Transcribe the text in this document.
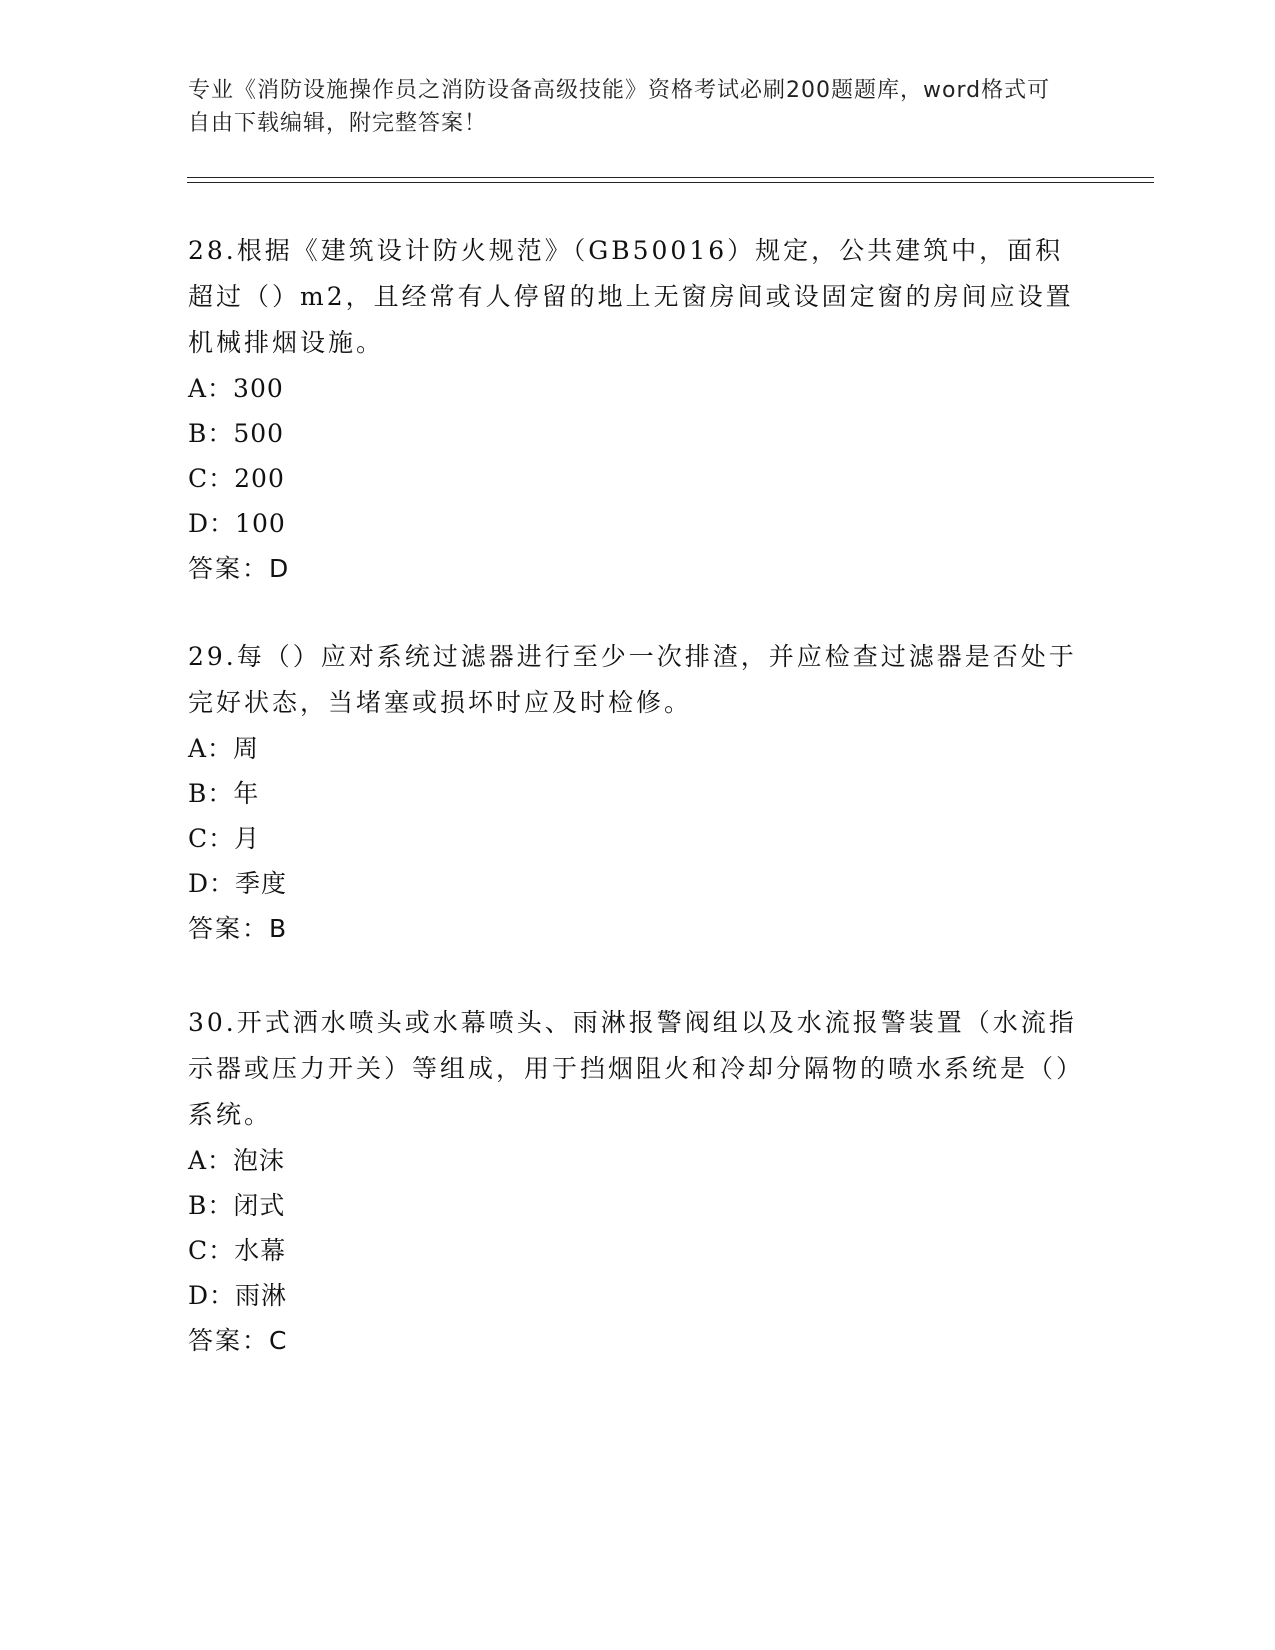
专业《消防设施操作员之消防设备高级技能》资格考试必刷200题题库，word格式可自由下载编辑，附完整答案！

28.根据《建筑设计防火规范》（GB50016）规定，公共建筑中，面积超过（）m2，且经常有人停留的地上无窗房间或设固定窗的房间应设置机械排烟设施。

A：300

B：500

C：200

D：100

答案：D

29.每（）应对系统过滤器进行至少一次排渣，并应检查过滤器是否处于完好状态，当堵塞或损坏时应及时检修。

A：周

B：年

C：月

D：季度

答案：B

30.开式洒水喷头或水幕喷头、雨淋报警阀组以及水流报警装置（水流指示器或压力开关）等组成，用于挡烟阻火和冷却分隔物的喷水系统是（）系统。

A：泡沫

B：闭式

C：水幕

D：雨淋

答案：C
